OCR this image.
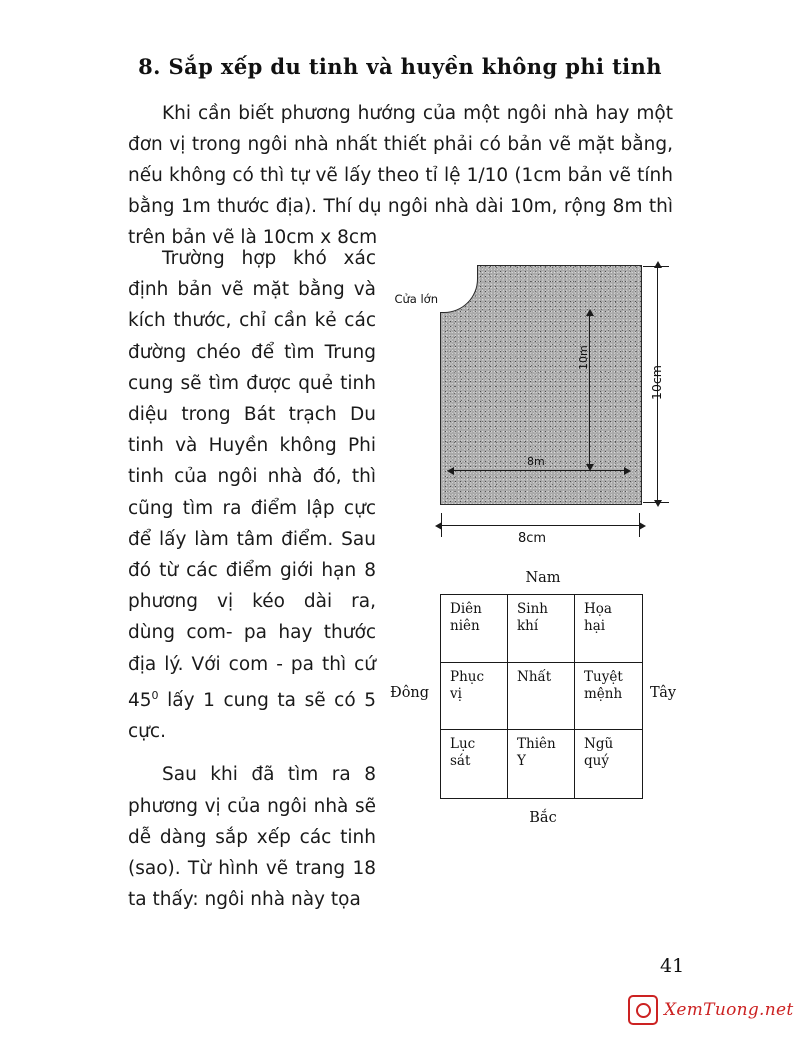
8. Sắp xếp du tinh và huyền không phi tinh
Khi cần biết phương hướng của một ngôi nhà hay một đơn vị trong ngôi nhà nhất thiết phải có bản vẽ mặt bằng, nếu không có thì tự vẽ lấy theo tỉ lệ 1/10 (1cm bản vẽ tính bằng 1m thước địa). Thí dụ ngôi nhà dài 10m, rộng 8m thì trên bản vẽ là 10cm x 8cm

Trường hợp khó xác định bản vẽ mặt bằng và kích thước, chỉ cần kẻ các đường chéo để tìm Trung cung sẽ tìm được quẻ tinh diệu trong Bát trạch Du tinh và Huyền không Phi tinh của ngôi nhà đó, thì cũng tìm ra điểm lập cực để lấy làm tâm điểm. Sau đó từ các điểm giới hạn 8 phương vị kéo dài ra, dùng com- pa hay thước địa lý. Với com - pa thì cứ $45^0$ lấy 1 cung ta sẽ có 5 cực.

Sau khi đã tìm ra 8 phương vị của ngôi nhà sẽ dễ dàng sắp xếp các tinh (sao). Từ hình vẽ trang 18 ta thấy: ngôi nhà này tọa

Cửa lớn
10m
8m
10cm
8cm
Nam
Đông	Tây
Bắc
Diên
niên
Sinh
khí
Họa
hại
Phục
vị
Nhất	Tuyệt
mệnh
Lục
sát
Thiên
Y
Ngũ
quý
41
XemTuong.net
